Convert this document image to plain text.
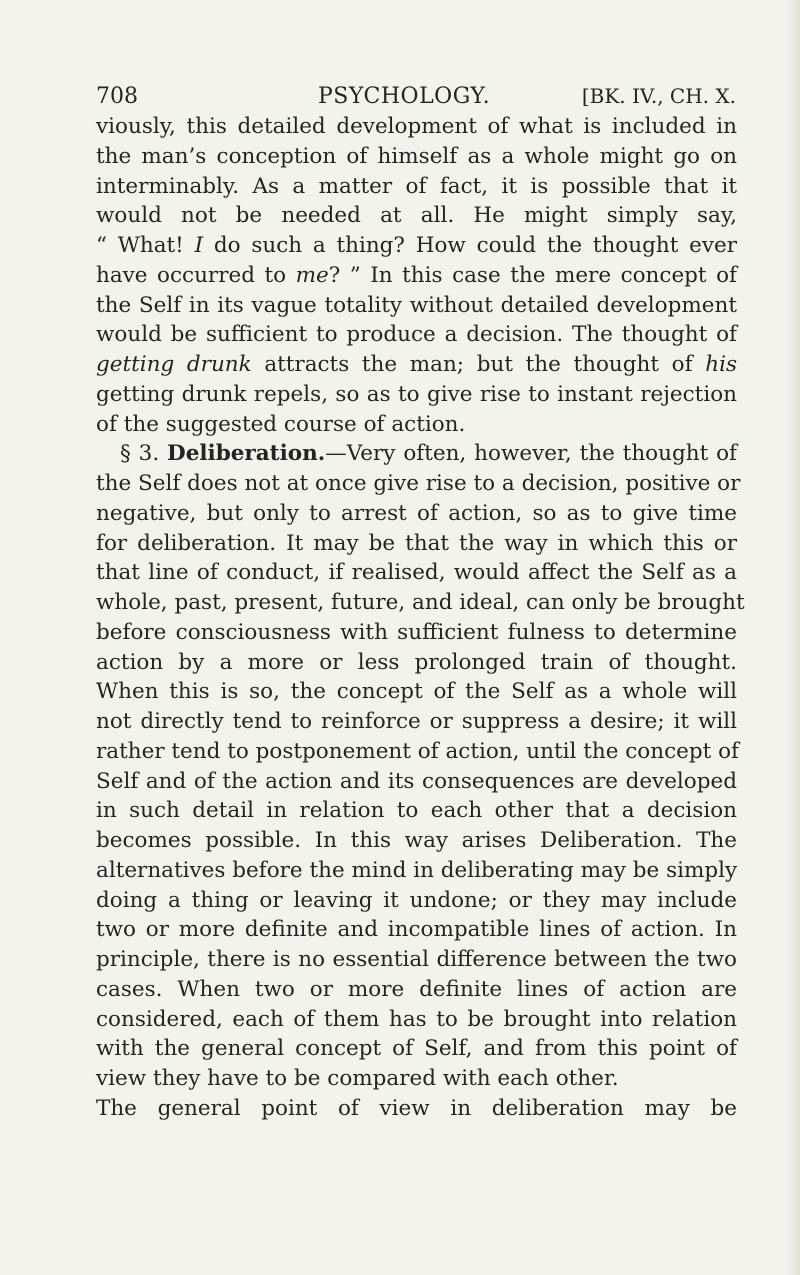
708	PSYCHOLOGY.	[BK. IV., CH. X.
viously, this detailed development of what is included in
the man’s conception of himself as a whole might go on
interminably. As a matter of fact, it is possible that it
would not be needed at all. He might simply say,
“ What! I do such a thing? How could the thought ever
have occurred to me? ” In this case the mere concept of
the Self in its vague totality without detailed development
would be sufficient to produce a decision. The thought of
getting drunk attracts the man; but the thought of his
getting drunk repels, so as to give rise to instant rejection
of the suggested course of action.
§ 3. Deliberation.—Very often, however, the thought of
the Self does not at once give rise to a decision, positive or
negative, but only to arrest of action, so as to give time
for deliberation. It may be that the way in which this or
that line of conduct, if realised, would affect the Self as a
whole, past, present, future, and ideal, can only be brought
before consciousness with sufficient fulness to determine
action by a more or less prolonged train of thought.
When this is so, the concept of the Self as a whole will
not directly tend to reinforce or suppress a desire; it will
rather tend to postponement of action, until the concept of
Self and of the action and its consequences are developed
in such detail in relation to each other that a decision
becomes possible. In this way arises Deliberation. The
alternatives before the mind in deliberating may be simply
doing a thing or leaving it undone; or they may include
two or more definite and incompatible lines of action. In
principle, there is no essential difference between the two
cases. When two or more definite lines of action are
considered, each of them has to be brought into relation
with the general concept of Self, and from this point of
view they have to be compared with each other.
The general point of view in deliberation may be
